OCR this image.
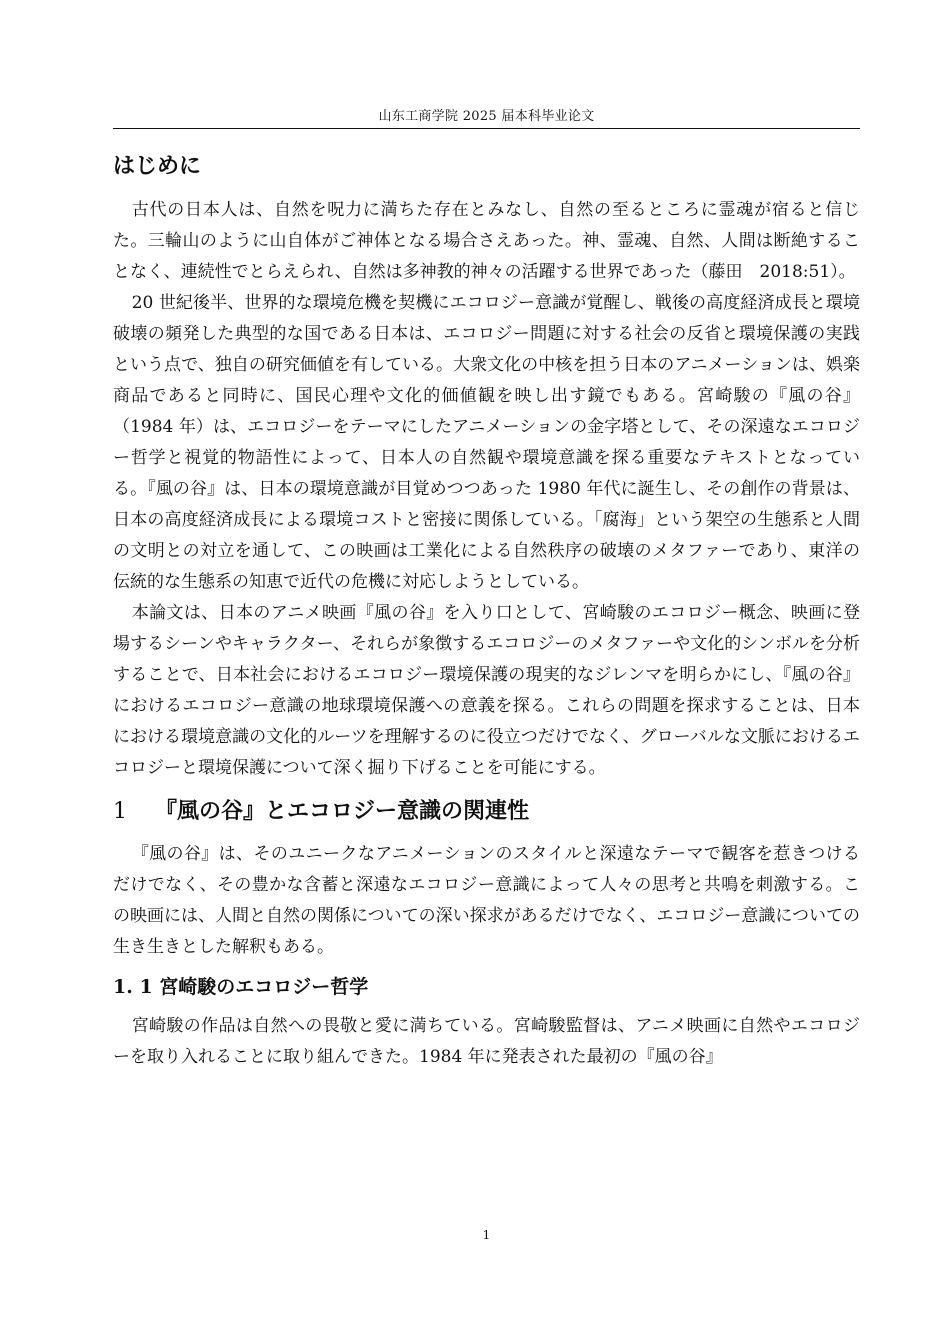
山东工商学院 2025 届本科毕业论文
はじめに

古代の日本人は、自然を呪力に満ちた存在とみなし、自然の至るところに霊魂が宿ると信じた。三輪山のように山自体がご神体となる場合さえあった。神、霊魂、自然、人間は断絶することなく、連続性でとらえられ、自然は多神教的神々の活躍する世界であった（藤田　2018:51）。

20 世紀後半、世界的な環境危機を契機にエコロジー意識が覚醒し、戦後の高度経済成長と環境破壊の頻発した典型的な国である日本は、エコロジー問題に対する社会の反省と環境保護の実践という点で、独自の研究価値を有している。大衆文化の中核を担う日本のアニメーションは、娯楽商品であると同時に、国民心理や文化的価値観を映し出す鏡でもある。宮崎駿の『風の谷』（1984 年）は、エコロジーをテーマにしたアニメーションの金字塔として、その深遠なエコロジー哲学と視覚的物語性によって、日本人の自然観や環境意識を探る重要なテキストとなっている。『風の谷』は、日本の環境意識が目覚めつつあった 1980 年代に誕生し、その創作の背景は、日本の高度経済成長による環境コストと密接に関係している。「腐海」という架空の生態系と人間の文明との対立を通して、この映画は工業化による自然秩序の破壊のメタファーであり、東洋の伝統的な生態系の知恵で近代の危機に対応しようとしている。

本論文は、日本のアニメ映画『風の谷』を入り口として、宮崎駿のエコロジー概念、映画に登場するシーンやキャラクター、それらが象徴するエコロジーのメタファーや文化的シンボルを分析することで、日本社会におけるエコロジー環境保護の現実的なジレンマを明らかにし、『風の谷』におけるエコロジー意識の地球環境保護への意義を探る。これらの問題を探求することは、日本における環境意識の文化的ルーツを理解するのに役立つだけでなく、グローバルな文脈におけるエコロジーと環境保護について深く掘り下げることを可能にする。

1 『風の谷』とエコロジー意識の関連性

『風の谷』は、そのユニークなアニメーションのスタイルと深遠なテーマで観客を惹きつけるだけでなく、その豊かな含蓄と深遠なエコロジー意識によって人々の思考と共鳴を刺激する。この映画には、人間と自然の関係についての深い探求があるだけでなく、エコロジー意識についての生き生きとした解釈もある。

1. 1 宮崎駿のエコロジー哲学

宮崎駿の作品は自然への畏敬と愛に満ちている。宮崎駿監督は、アニメ映画に自然やエコロジーを取り入れることに取り組んできた。1984 年に発表された最初の『風の谷』

1
